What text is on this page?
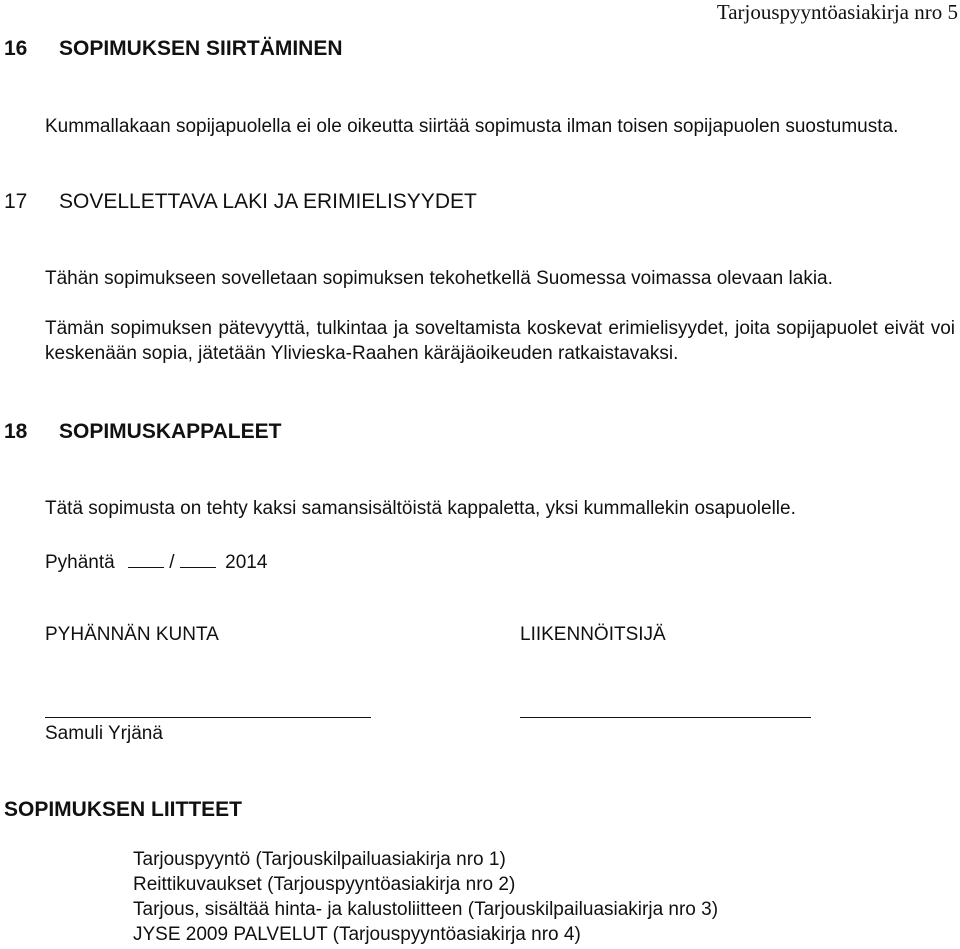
Tarjouspyyntöasiakirja nro 5
16 SOPIMUKSEN SIIRTÄMINEN
Kummallakaan sopijapuolella ei ole oikeutta siirtää sopimusta ilman toisen sopijapuolen suostumusta.
17 SOVELLETTAVA LAKI JA ERIMIELISYYDET
Tähän sopimukseen sovelletaan sopimuksen tekohetkellä Suomessa voimassa olevaan lakia.
Tämän sopimuksen pätevyyttä, tulkintaa ja soveltamista koskevat erimielisyydet, joita sopijapuolet eivät voi keskenään sopia, jätetään Ylivieska-Raahen käräjäoikeuden ratkaistavaksi.
18 SOPIMUSKAPPALEET
Tätä sopimusta on tehty kaksi samansisältöistä kappaletta, yksi kummallekin osapuolelle.
Pyhäntä	/	2014
PYHÄNNÄN KUNTA	LIIKENNÖITSIJÄ
Samuli Yrjänä
SOPIMUKSEN LIITTEET
Tarjouspyyntö (Tarjouskilpailuasiakirja nro 1)
Reittikuvaukset (Tarjouspyyntöasiakirja nro 2)
Tarjous, sisältää hinta- ja kalustoliitteen (Tarjouskilpailuasiakirja nro 3)
JYSE 2009 PALVELUT (Tarjouspyyntöasiakirja nro 4)
